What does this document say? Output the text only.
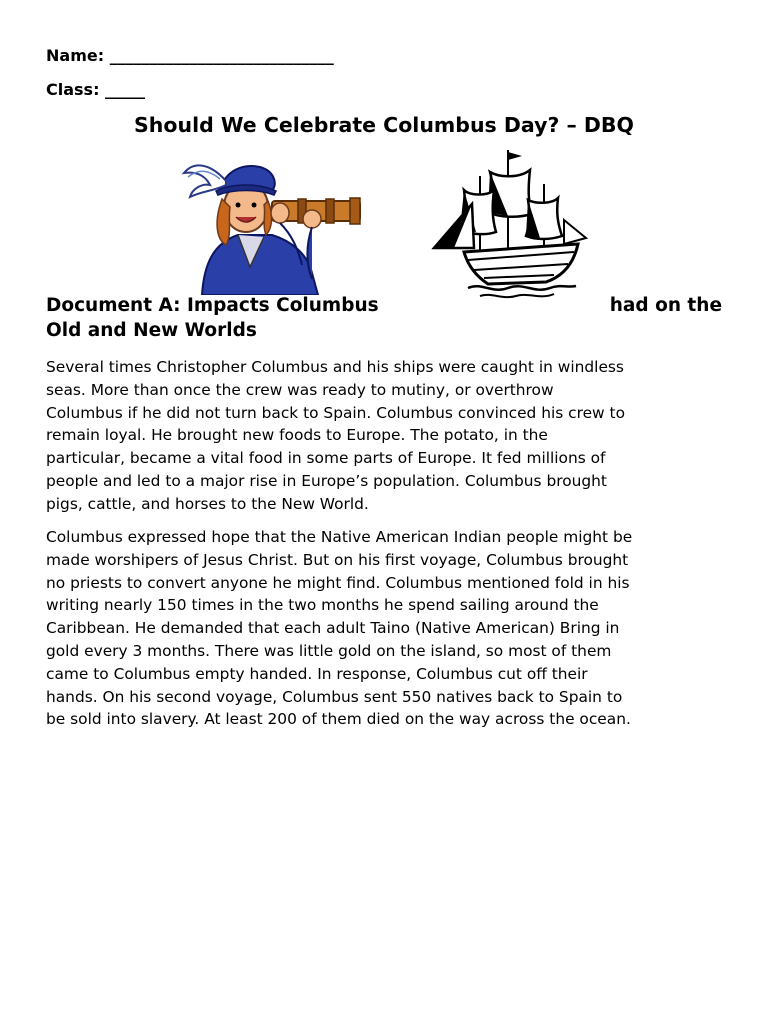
Name: ____________________________
Class: _____
Should We Celebrate Columbus Day? – DBQ
Document A: Impacts Columbus	had on the
Old and New Worlds
Several times Christopher Columbus and his ships were caught in windless
seas. More than once the crew was ready to mutiny, or overthrow
Columbus if he did not turn back to Spain. Columbus convinced his crew to
remain loyal. He brought new foods to Europe. The potato, in the
particular, became a vital food in some parts of Europe. It fed millions of
people and led to a major rise in Europe’s population. Columbus brought
pigs, cattle, and horses to the New World.
Columbus expressed hope that the Native American Indian people might be
made worshipers of Jesus Christ. But on his first voyage, Columbus brought
no priests to convert anyone he might find. Columbus mentioned fold in his
writing nearly 150 times in the two months he spend sailing around the
Caribbean. He demanded that each adult Taino (Native American) Bring in
gold every 3 months. There was little gold on the island, so most of them
came to Columbus empty handed. In response, Columbus cut off their
hands. On his second voyage, Columbus sent 550 natives back to Spain to
be sold into slavery. At least 200 of them died on the way across the ocean.
